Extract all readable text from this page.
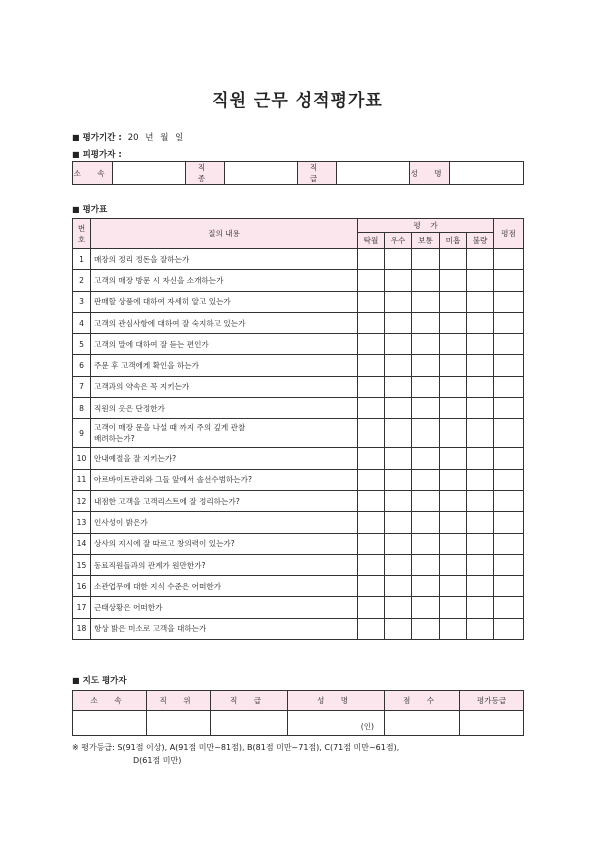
직원 근무 성적평가표
■ 평가기간 : 20 년 월 일
■ 피평가자 :
소 속		직 종		직 급		성 명	
■ 평가표
번호	질의 내용	평    가					평점
		탁월	우수	보통	미흡	불량	
1	매장의 정리 정돈을 잘하는가						
2	고객의 매장 방문 시 자신을 소개하는가						
3	판매할 상품에 대하여 자세히 알고 있는가						
4	고객의 관심사항에 대하여 잘 숙지하고 있는가						
5	고객의 말에 대하여 잘 듣는 편인가						
6	주문 후 고객에게 확인을 하는가						
7	고객과의 약속은 꼭 지키는가						
8	직원의 옷은 단정한가						
9	고객이 매장 문을 나설 때 까지 주의 깊게 관찰
배려하는가?						
10	안내예절을 잘 지키는가?						
11	아르바이트관리와 그들 앞에서 솔선수범하는가?						
12	내점한 고객을 고객리스트에 잘 정리하는가?						
13	인사성이 밝은가						
14	상사의 지시에 잘 따르고 창의력이 있는가?						
15	동료직원들과의 관계가 원만한가?						
16	소관업무에 대한 지식 수준은 어떠한가						
17	근태상황은 어떠한가						
18	항상 밝은 미소로 고객을 대하는가						
■ 지도 평가자
소 속	직 위	직 급	성 명	점 수	평가등급
			(인)		
※ 평가등급: S(91점 이상), A(91점 미만~81점), B(81점 미만~71점), C(71점 미만~61점),
D(61점 미만)
